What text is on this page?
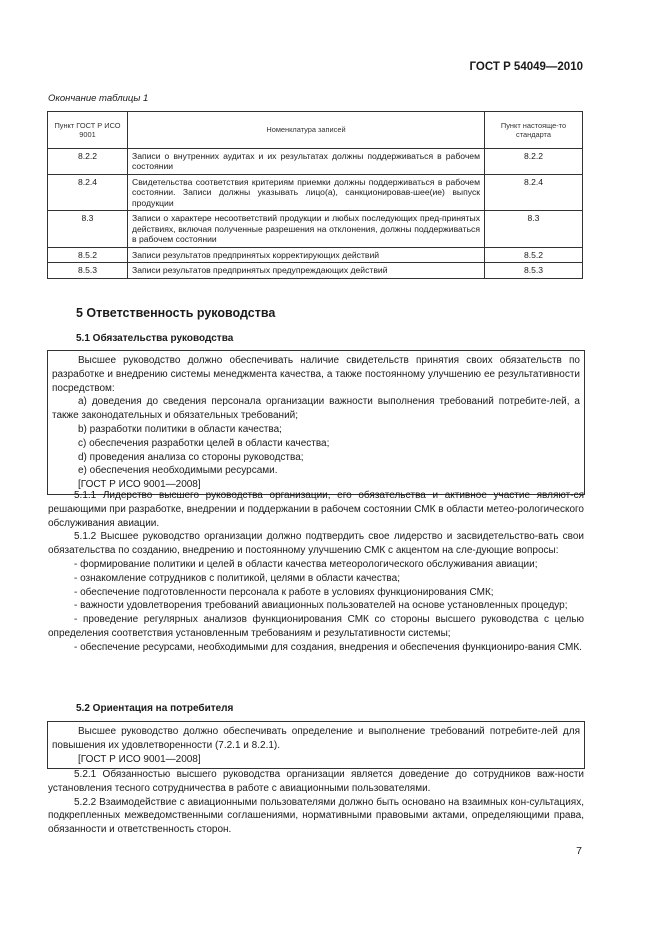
ГОСТ Р 54049—2010
Окончание таблицы 1
Пункт ГОСТ Р ИСО 9001	Номенклатура записей	Пункт настояще-то стандарта
8.2.2	Записи о внутренних аудитах и их результатах должны поддерживаться в рабочем состоянии	8.2.2
8.2.4	Свидетельства соответствия критериям приемки должны поддерживаться в рабочем состоянии. Записи должны указывать лицо(а), санкционировав-шее(ие) выпуск продукции	8.2.4
8.3	Записи о характере несоответствий продукции и любых последующих пред-принятых действиях, включая полученные разрешения на отклонения, должны поддерживаться в рабочем состоянии	8.3
8.5.2	Записи результатов предпринятых корректирующих действий	8.5.2
8.5.3	Записи результатов предпринятых предупреждающих действий	8.5.3
5 Ответственность руководства
5.1 Обязательства руководства

Высшее руководство должно обеспечивать наличие свидетельств принятия своих обязательств по разработке и внедрению системы менеджмента качества, а также постоянному улучшению ее результативности посредством:

а) доведения до сведения персонала организации важности выполнения требований потребите-лей, а также законодательных и обязательных требований;

b) разработки политики в области качества;

с) обеспечения разработки целей в области качества;

d) проведения анализа со стороны руководства;

е) обеспечения необходимыми ресурсами.

[ГОСТ Р ИСО 9001—2008]

5.1.1 Лидерство высшего руководства организации, его обязательства и активное участие являют-ся решающими при разработке, внедрении и поддержании в рабочем состоянии СМК в области метео-рологического обслуживания авиации.

5.1.2 Высшее руководство организации должно подтвердить свое лидерство и засвидетельство-вать свои обязательства по созданию, внедрению и постоянному улучшению СМК с акцентом на сле-дующие вопросы:

- формирование политики и целей в области качества метеорологического обслуживания авиации;

- ознакомление сотрудников с политикой, целями в области качества;

- обеспечение подготовленности персонала к работе в условиях функционирования СМК;

- важности удовлетворения требований авиационных пользователей на основе установленных процедур;

- проведение регулярных анализов функционирования СМК со стороны высшего руководства с целью определения соответствия установленным требованиям и результативности системы;

- обеспечение ресурсами, необходимыми для создания, внедрения и обеспечения функциониро-вания СМК.

5.2 Ориентация на потребителя

Высшее руководство должно обеспечивать определение и выполнение требований потребите-лей для повышения их удовлетворенности (7.2.1 и 8.2.1).

[ГОСТ Р ИСО 9001—2008]

5.2.1 Обязанностью высшего руководства организации является доведение до сотрудников важ-ности установления тесного сотрудничества в работе с авиационными пользователями.

5.2.2 Взаимодействие с авиационными пользователями должно быть основано на взаимных кон-сультациях, подкрепленных межведомственными соглашениями, нормативными правовыми актами, определяющими права, обязанности и ответственность сторон.

7
